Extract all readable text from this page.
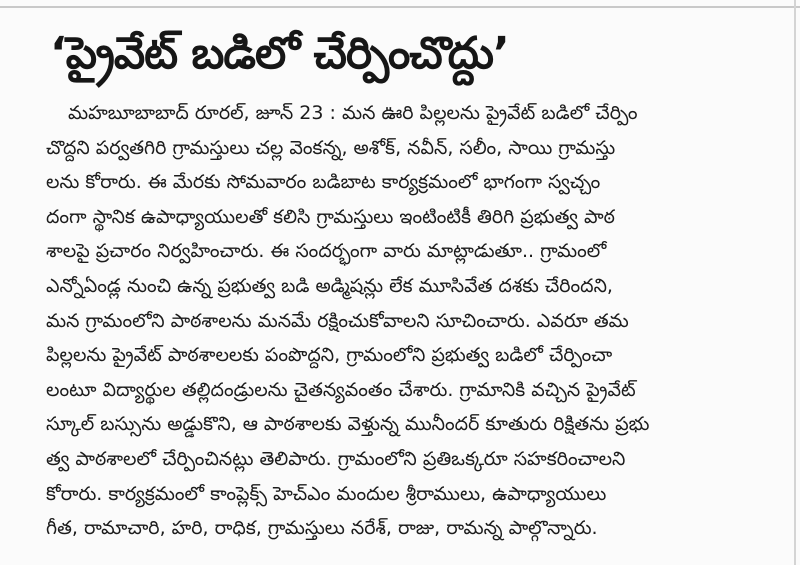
‘ప్రైవేట్ బడిలో చేర్పించొద్దు’
మహబూబాబాద్ రూరల్, జూన్ 23 : మన ఊరి పిల్లలను ప్రైవేట్ బడిలో చేర్పిం
చొద్దని పర్వతగిరి గ్రామస్తులు చల్ల వెంకన్న, అశోక్, నవీన్, సలీం, సాయి గ్రామస్తు
లను కోరారు. ఈ మేరకు సోమవారం బడిబాట కార్యక్రమంలో భాగంగా స్వచ్చం
దంగా స్థానిక ఉపాధ్యాయులతో కలిసి గ్రామస్తులు ఇంటింటికీ తిరిగి ప్రభుత్వ పాఠ
శాలపై ప్రచారం నిర్వహించారు. ఈ సందర్భంగా వారు మాట్లాడుతూ.. గ్రామంలో
ఎన్నోఏండ్ల నుంచి ఉన్న ప్రభుత్వ బడి అడ్మిషన్లు లేక మూసివేత దశకు చేరిందని,
మన గ్రామంలోని పాఠశాలను మనమే రక్షించుకోవాలని సూచించారు. ఎవరూ తమ
పిల్లలను ప్రైవేట్ పాఠశాలలకు పంపొద్దని, గ్రామంలోని ప్రభుత్వ బడిలో చేర్పించా
లంటూ విద్యార్థుల తల్లిదండ్రులను చైతన్యవంతం చేశారు. గ్రామానికి వచ్చిన ప్రైవేట్
స్కూల్ బస్సును అడ్డుకొని, ఆ పాఠశాలకు వెళ్తున్న మునీందర్ కూతురు రిక్షితను ప్రభు
త్వ పాఠశాలలో చేర్పించినట్లు తెలిపారు. గ్రామంలోని ప్రతిఒక్కరూ సహకరించాలని
కోరారు. కార్యక్రమంలో కాంప్లెక్స్ హెచ్ఎం మందుల శ్రీరాములు, ఉపాధ్యాయులు
గీత, రామాచారి, హరి, రాధిక, గ్రామస్తులు నరేశ్, రాజు, రామన్న పాల్గొన్నారు.
